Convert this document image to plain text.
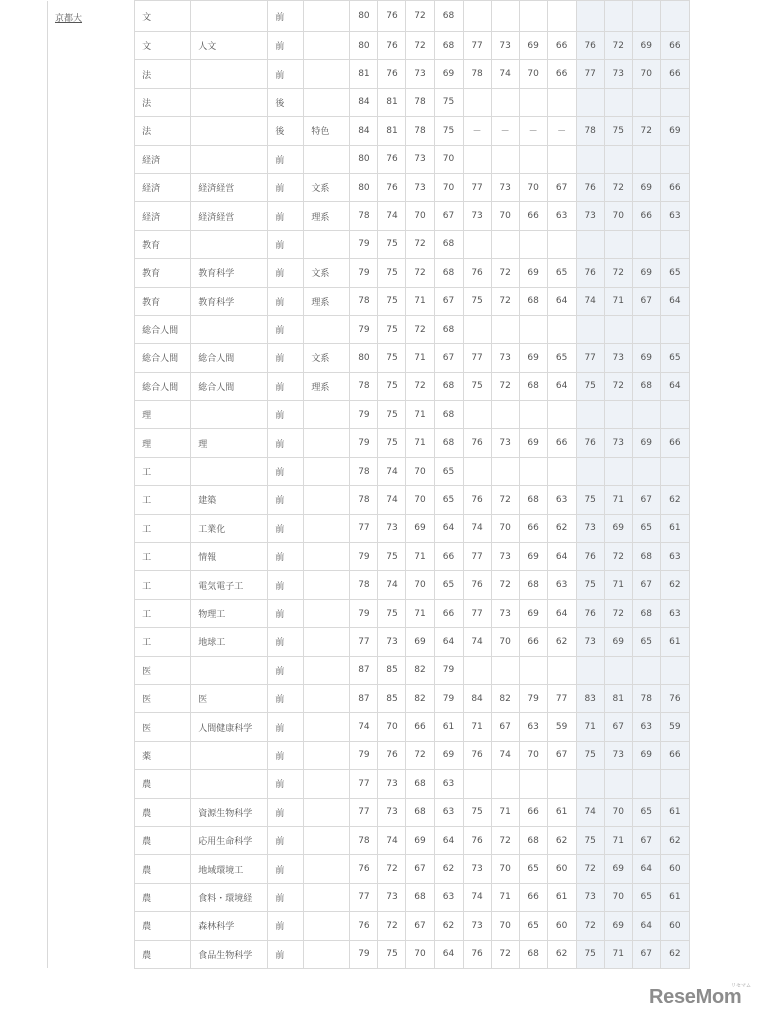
京都大	文		前		80	76	72	68								
	文	人文	前		80	76	72	68	77	73	69	66	76	72	69	66
	法		前		81	76	73	69	78	74	70	66	77	73	70	66
	法		後		84	81	78	75								
	法		後	特色	84	81	78	75	－	－	－	－	78	75	72	69
	経済		前		80	76	73	70								
	経済	経済経営	前	文系	80	76	73	70	77	73	70	67	76	72	69	66
	経済	経済経営	前	理系	78	74	70	67	73	70	66	63	73	70	66	63
	教育		前		79	75	72	68								
	教育	教育科学	前	文系	79	75	72	68	76	72	69	65	76	72	69	65
	教育	教育科学	前	理系	78	75	71	67	75	72	68	64	74	71	67	64
	総合人間		前		79	75	72	68								
	総合人間	総合人間	前	文系	80	75	71	67	77	73	69	65	77	73	69	65
	総合人間	総合人間	前	理系	78	75	72	68	75	72	68	64	75	72	68	64
	理		前		79	75	71	68								
	理	理	前		79	75	71	68	76	73	69	66	76	73	69	66
	工		前		78	74	70	65								
	工	建築	前		78	74	70	65	76	72	68	63	75	71	67	62
	工	工業化	前		77	73	69	64	74	70	66	62	73	69	65	61
	工	情報	前		79	75	71	66	77	73	69	64	76	72	68	63
	工	電気電子工	前		78	74	70	65	76	72	68	63	75	71	67	62
	工	物理工	前		79	75	71	66	77	73	69	64	76	72	68	63
	工	地球工	前		77	73	69	64	74	70	66	62	73	69	65	61
	医		前		87	85	82	79								
	医	医	前		87	85	82	79	84	82	79	77	83	81	78	76
	医	人間健康科学	前		74	70	66	61	71	67	63	59	71	67	63	59
	薬		前		79	76	72	69	76	74	70	67	75	73	69	66
	農		前		77	73	68	63								
	農	資源生物科学	前		77	73	68	63	75	71	66	61	74	70	65	61
	農	応用生命科学	前		78	74	69	64	76	72	68	62	75	71	67	62
	農	地域環境工	前		76	72	67	62	73	70	65	60	72	69	64	60
	農	食料・環境経	前		77	73	68	63	74	71	66	61	73	70	65	61
	農	森林科学	前		76	72	67	62	73	70	65	60	72	69	64	60
	農	食品生物科学	前		79	75	70	64	76	72	68	62	75	71	67	62
ReseMom
リセマム
